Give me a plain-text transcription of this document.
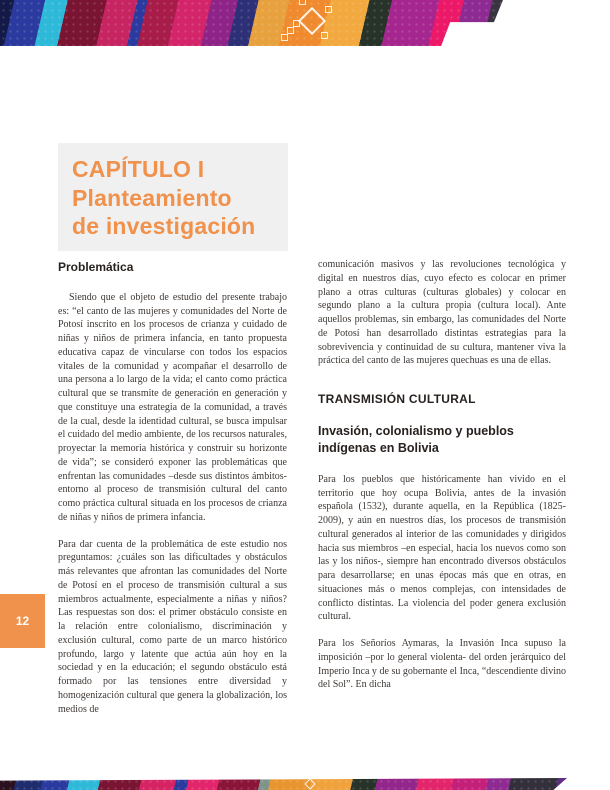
12
CAPÍTULO I
Planteamiento
de investigación
Problemática

Siendo que el objeto de estudio del presente trabajo es: “el canto de las mujeres y comunidades del Norte de Potosí inscrito en los procesos de crianza y cuidado de niñas y niños de primera infancia, en tanto propuesta educativa capaz de vincularse con todos los espacios vitales de la comunidad y acompañar el desarrollo de una persona a lo largo de la vida; el canto como práctica cultural que se transmite de generación en generación y que constituye una estrategia de la comunidad, a través de la cual, desde la identidad cultural, se busca impulsar el cuidado del medio ambiente, de los recursos naturales, proyectar la memoria histórica y construir su horizonte de vida”; se consideró exponer las problemáticas que enfrentan las comunidades –desde sus distintos ámbitos- entorno al proceso de transmisión cultural del canto como práctica cultural situada en los procesos de crianza de niñas y niños de primera infancia.

Para dar cuenta de la problemática de este estudio nos preguntamos: ¿cuáles son las dificultades y obstáculos más relevantes que afrontan las comunidades del Norte de Potosí en el proceso de transmisión cultural a sus miembros actualmente, especialmente a niñas y niños? Las respuestas son dos: el primer obstáculo consiste en la relación entre colonialismo, discriminación y exclusión cultural, como parte de un marco histórico profundo, largo y latente que actúa aún hoy en la sociedad y en la educación; el segundo obstáculo está formado por las tensiones entre diversidad y homogenización cultural que genera la globalización, los medios de

comunicación masivos y las revoluciones tecnológica y digital en nuestros días, cuyo efecto es colocar en primer plano a otras culturas (culturas globales) y colocar en segundo plano a la cultura propia (cultura local). Ante aquellos problemas, sin embargo, las comunidades del Norte de Potosí han desarrollado distintas estrategias para la sobrevivencia y continuidad de su cultura, mantener viva la práctica del canto de las mujeres quechuas es una de ellas.

TRANSMISIÓN CULTURAL
Invasión, colonialismo y pueblos indígenas en Bolivia

Para los pueblos que históricamente han vivido en el territorio que hoy ocupa Bolivia, antes de la invasión española (1532), durante aquella, en la República (1825-2009), y aún en nuestros días, los procesos de transmisión cultural generados al interior de las comunidades y dirigidos hacia sus miembros –en especial, hacia los nuevos como son las y los niños-, siempre han encontrado diversos obstáculos para desarrollarse; en unas épocas más que en otras, en situaciones más o menos complejas, con intensidades de conflicto distintas. La violencia del poder genera exclusión cultural.

Para los Señoríos Aymaras, la Invasión Inca supuso la imposición –por lo general violenta- del orden jerárquico del Imperio Inca y de su gobernante el Inca, “descendiente divino del Sol”. En dicha
